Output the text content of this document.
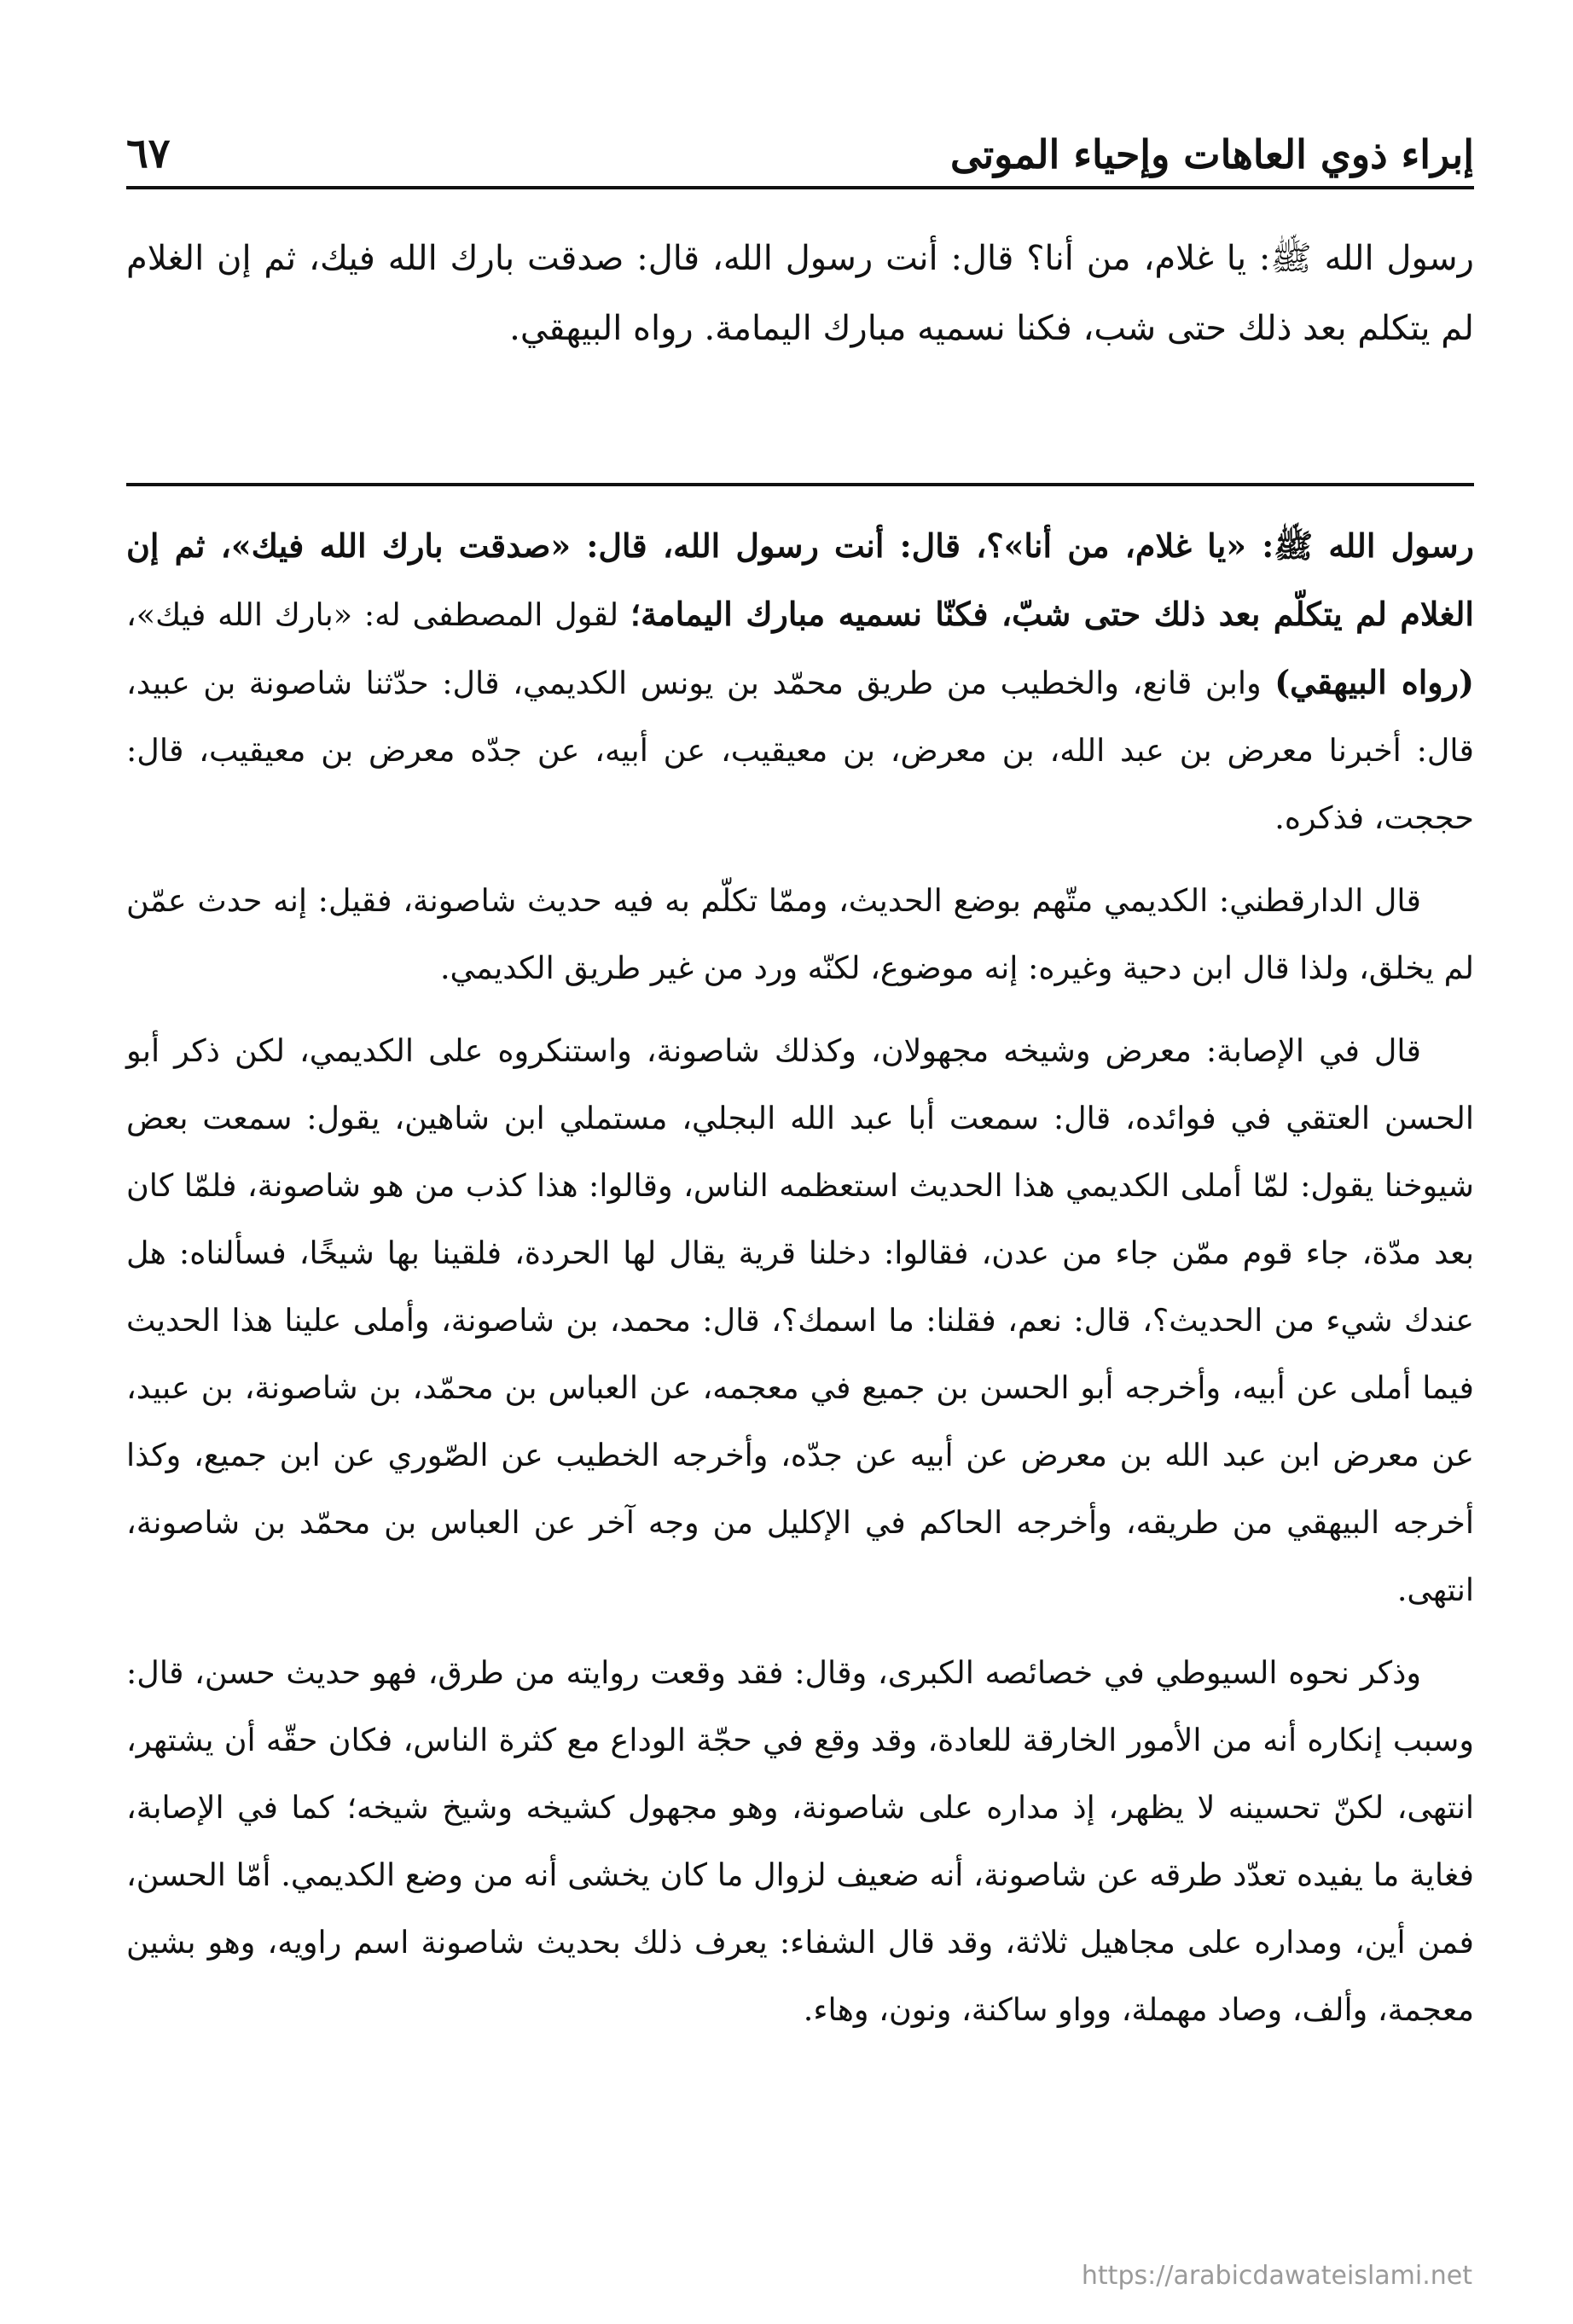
إبراء ذوي العاهات وإحياء الموتى
٦٧

رسول الله ﷺ: يا غلام، من أنا؟ قال: أنت رسول الله، قال: صدقت بارك الله فيك، ثم إن الغلام لم يتكلم بعد ذلك حتى شب، فكنا نسميه مبارك اليمامة. رواه البيهقي.

رسول الله ﷺ: «يا غلام، من أنا»؟، قال: أنت رسول الله، قال: «صدقت بارك الله فيك»، ثم إن الغلام لم يتكلّم بعد ذلك حتى شبّ، فكنّا نسميه مبارك اليمامة؛ لقول المصطفى له: «بارك الله فيك»، (رواه البيهقي) وابن قانع، والخطيب من طريق محمّد بن يونس الكديمي، قال: حدّثنا شاصونة بن عبيد، قال: أخبرنا معرض بن عبد الله، بن معرض، بن معيقيب، عن أبيه، عن جدّه معرض بن معيقيب، قال: حججت، فذكره.

قال الدارقطني: الكديمي متّهم بوضع الحديث، وممّا تكلّم به فيه حديث شاصونة، فقيل: إنه حدث عمّن لم يخلق، ولذا قال ابن دحية وغيره: إنه موضوع، لكنّه ورد من غير طريق الكديمي.

قال في الإصابة: معرض وشيخه مجهولان، وكذلك شاصونة، واستنكروه على الكديمي، لكن ذكر أبو الحسن العتقي في فوائده، قال: سمعت أبا عبد الله البجلي، مستملي ابن شاهين، يقول: سمعت بعض شيوخنا يقول: لمّا أملى الكديمي هذا الحديث استعظمه الناس، وقالوا: هذا كذب من هو شاصونة، فلمّا كان بعد مدّة، جاء قوم ممّن جاء من عدن، فقالوا: دخلنا قرية يقال لها الحردة، فلقينا بها شيخًا، فسألناه: هل عندك شيء من الحديث؟، قال: نعم، فقلنا: ما اسمك؟، قال: محمد، بن شاصونة، وأملى علينا هذا الحديث فيما أملى عن أبيه، وأخرجه أبو الحسن بن جميع في معجمه، عن العباس بن محمّد، بن شاصونة، بن عبيد، عن معرض ابن عبد الله بن معرض عن أبيه عن جدّه، وأخرجه الخطيب عن الصّوري عن ابن جميع، وكذا أخرجه البيهقي من طريقه، وأخرجه الحاكم في الإكليل من وجه آخر عن العباس بن محمّد بن شاصونة، انتهى.

وذكر نحوه السيوطي في خصائصه الكبرى، وقال: فقد وقعت روايته من طرق، فهو حديث حسن، قال: وسبب إنكاره أنه من الأمور الخارقة للعادة، وقد وقع في حجّة الوداع مع كثرة الناس، فكان حقّه أن يشتهر، انتهى، لكنّ تحسينه لا يظهر، إذ مداره على شاصونة، وهو مجهول كشيخه وشيخ شيخه؛ كما في الإصابة، فغاية ما يفيده تعدّد طرقه عن شاصونة، أنه ضعيف لزوال ما كان يخشى أنه من وضع الكديمي. أمّا الحسن، فمن أين، ومداره على مجاهيل ثلاثة، وقد قال الشفاء: يعرف ذلك بحديث شاصونة اسم راويه، وهو بشين معجمة، وألف، وصاد مهملة، وواو ساكنة، ونون، وهاء.

https://arabicdawateislami.net
